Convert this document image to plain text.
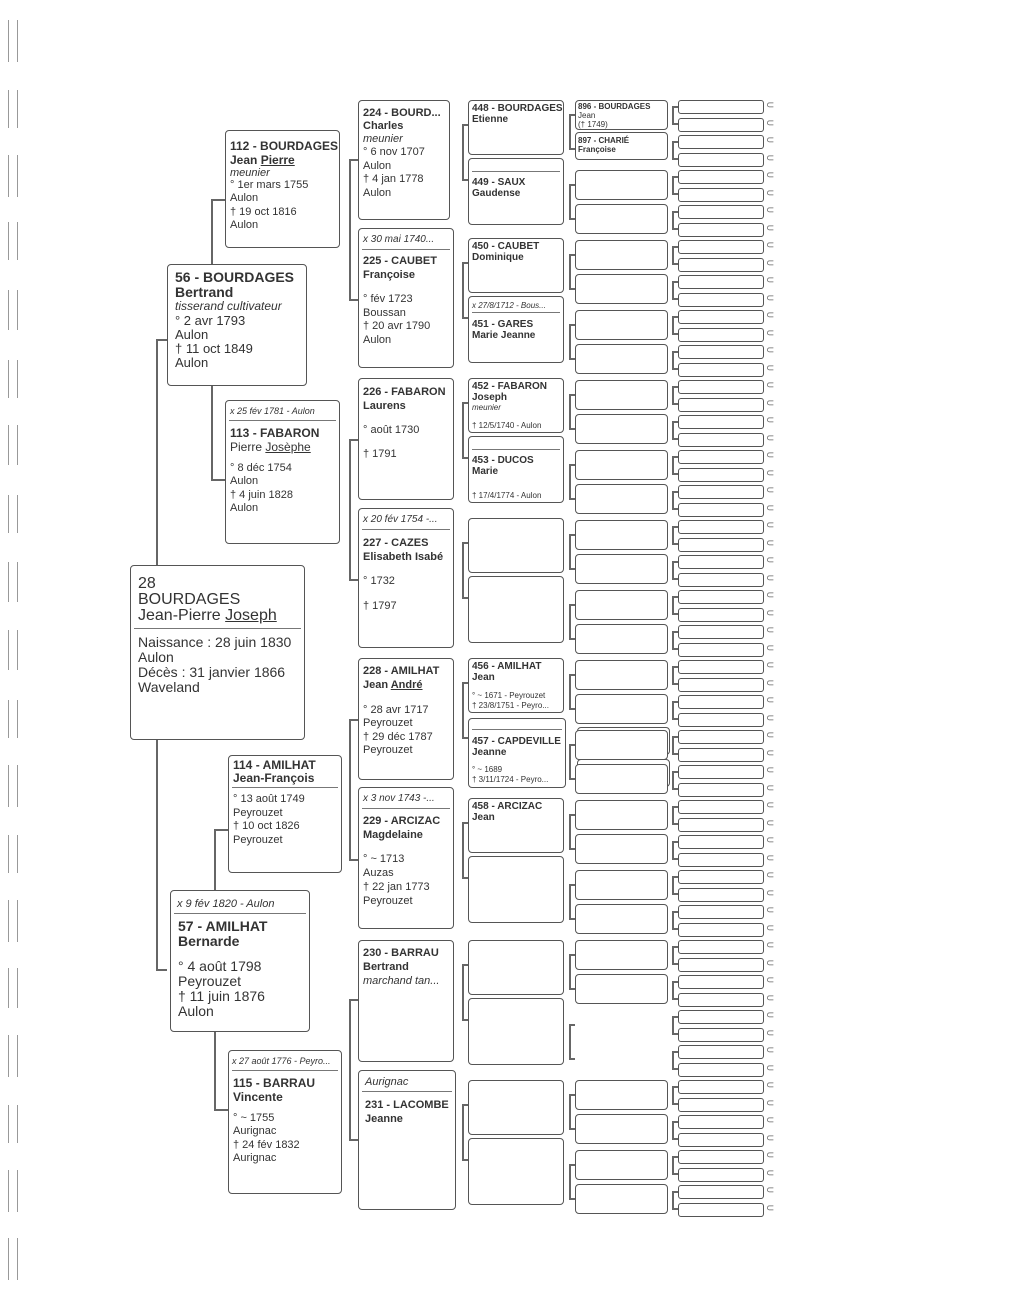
28
BOURDAGES
Jean-Pierre Joseph
Naissance : 28 juin 1830
Aulon
Décès : 31 janvier 1866
Waveland
56 - BOURDAGES
Bertrand
tisserand cultivateur
° 2 avr 1793
Aulon
† 11 oct 1849
Aulon
x 9 fév 1820 - Aulon
57 - AMILHAT
Bernarde
° 4 août 1798
Peyrouzet
† 11 juin 1876
Aulon
112 - BOURDAGES
Jean Pierre
meunier
° 1er mars 1755
Aulon
† 19 oct 1816
Aulon
x 25 fév 1781 - Aulon
113 - FABARON
Pierre Josèphe
° 8 déc 1754
Aulon
† 4 juin 1828
Aulon
114 - AMILHAT
Jean-François
° 13 août 1749
Peyrouzet
† 10 oct 1826
Peyrouzet
x 27 août 1776 - Peyro...
115 - BARRAU
Vincente
° ~ 1755
Aurignac
† 24 fév 1832
Aurignac
224 - BOURD...
Charles
meunier
° 6 nov 1707
Aulon
† 4 jan 1778
Aulon
x 30 mai 1740...
225 - CAUBET
Françoise
° fév 1723
Boussan
† 20 avr 1790
Aulon
226 - FABARON
Laurens
° août 1730
† 1791
x 20 fév 1754 -...
227 - CAZES
Elisabeth Isabé
° 1732
† 1797
228 - AMILHAT
Jean André
° 28 avr 1717
Peyrouzet
† 29 déc 1787
Peyrouzet
x 3 nov 1743 -...
229 - ARCIZAC
Magdelaine
° ~ 1713
Auzas
† 22 jan 1773
Peyrouzet
230 - BARRAU
Bertrand
marchand tan...
Aurignac
231 - LACOMBE
Jeanne
448 - BOURDAGES
Etienne
449 - SAUX
Gaudense
450 - CAUBET
Dominique
x 27/8/1712 - Bous...
451 - GARES
Marie Jeanne
452 - FABARON
Joseph
meunier
† 12/5/1740 - Aulon
453 - DUCOS
Marie
† 17/4/1774 - Aulon
456 - AMILHAT
Jean
° ~ 1671 - Peyrouzet
† 23/8/1751 - Peyro...
457 - CAPDEVILLE
Jeanne
° ~ 1689
† 3/11/1724 - Peyro...
458 - ARCIZAC
Jean
896 - BOURDAGES
Jean
(† 1749)
897 - CHARIÉ
Françoise
⊂
⊂
⊂
⊂
⊂
⊂
⊂
⊂
⊂
⊂
⊂
⊂
⊂
⊂
⊂
⊂
⊂
⊂
⊂
⊂
⊂
⊂
⊂
⊂
⊂
⊂
⊂
⊂
⊂
⊂
⊂
⊂
⊂
⊂
⊂
⊂
⊂
⊂
⊂
⊂
⊂
⊂
⊂
⊂
⊂
⊂
⊂
⊂
⊂
⊂
⊂
⊂
⊂
⊂
⊂
⊂
⊂
⊂
⊂
⊂
⊂
⊂
⊂
⊂
